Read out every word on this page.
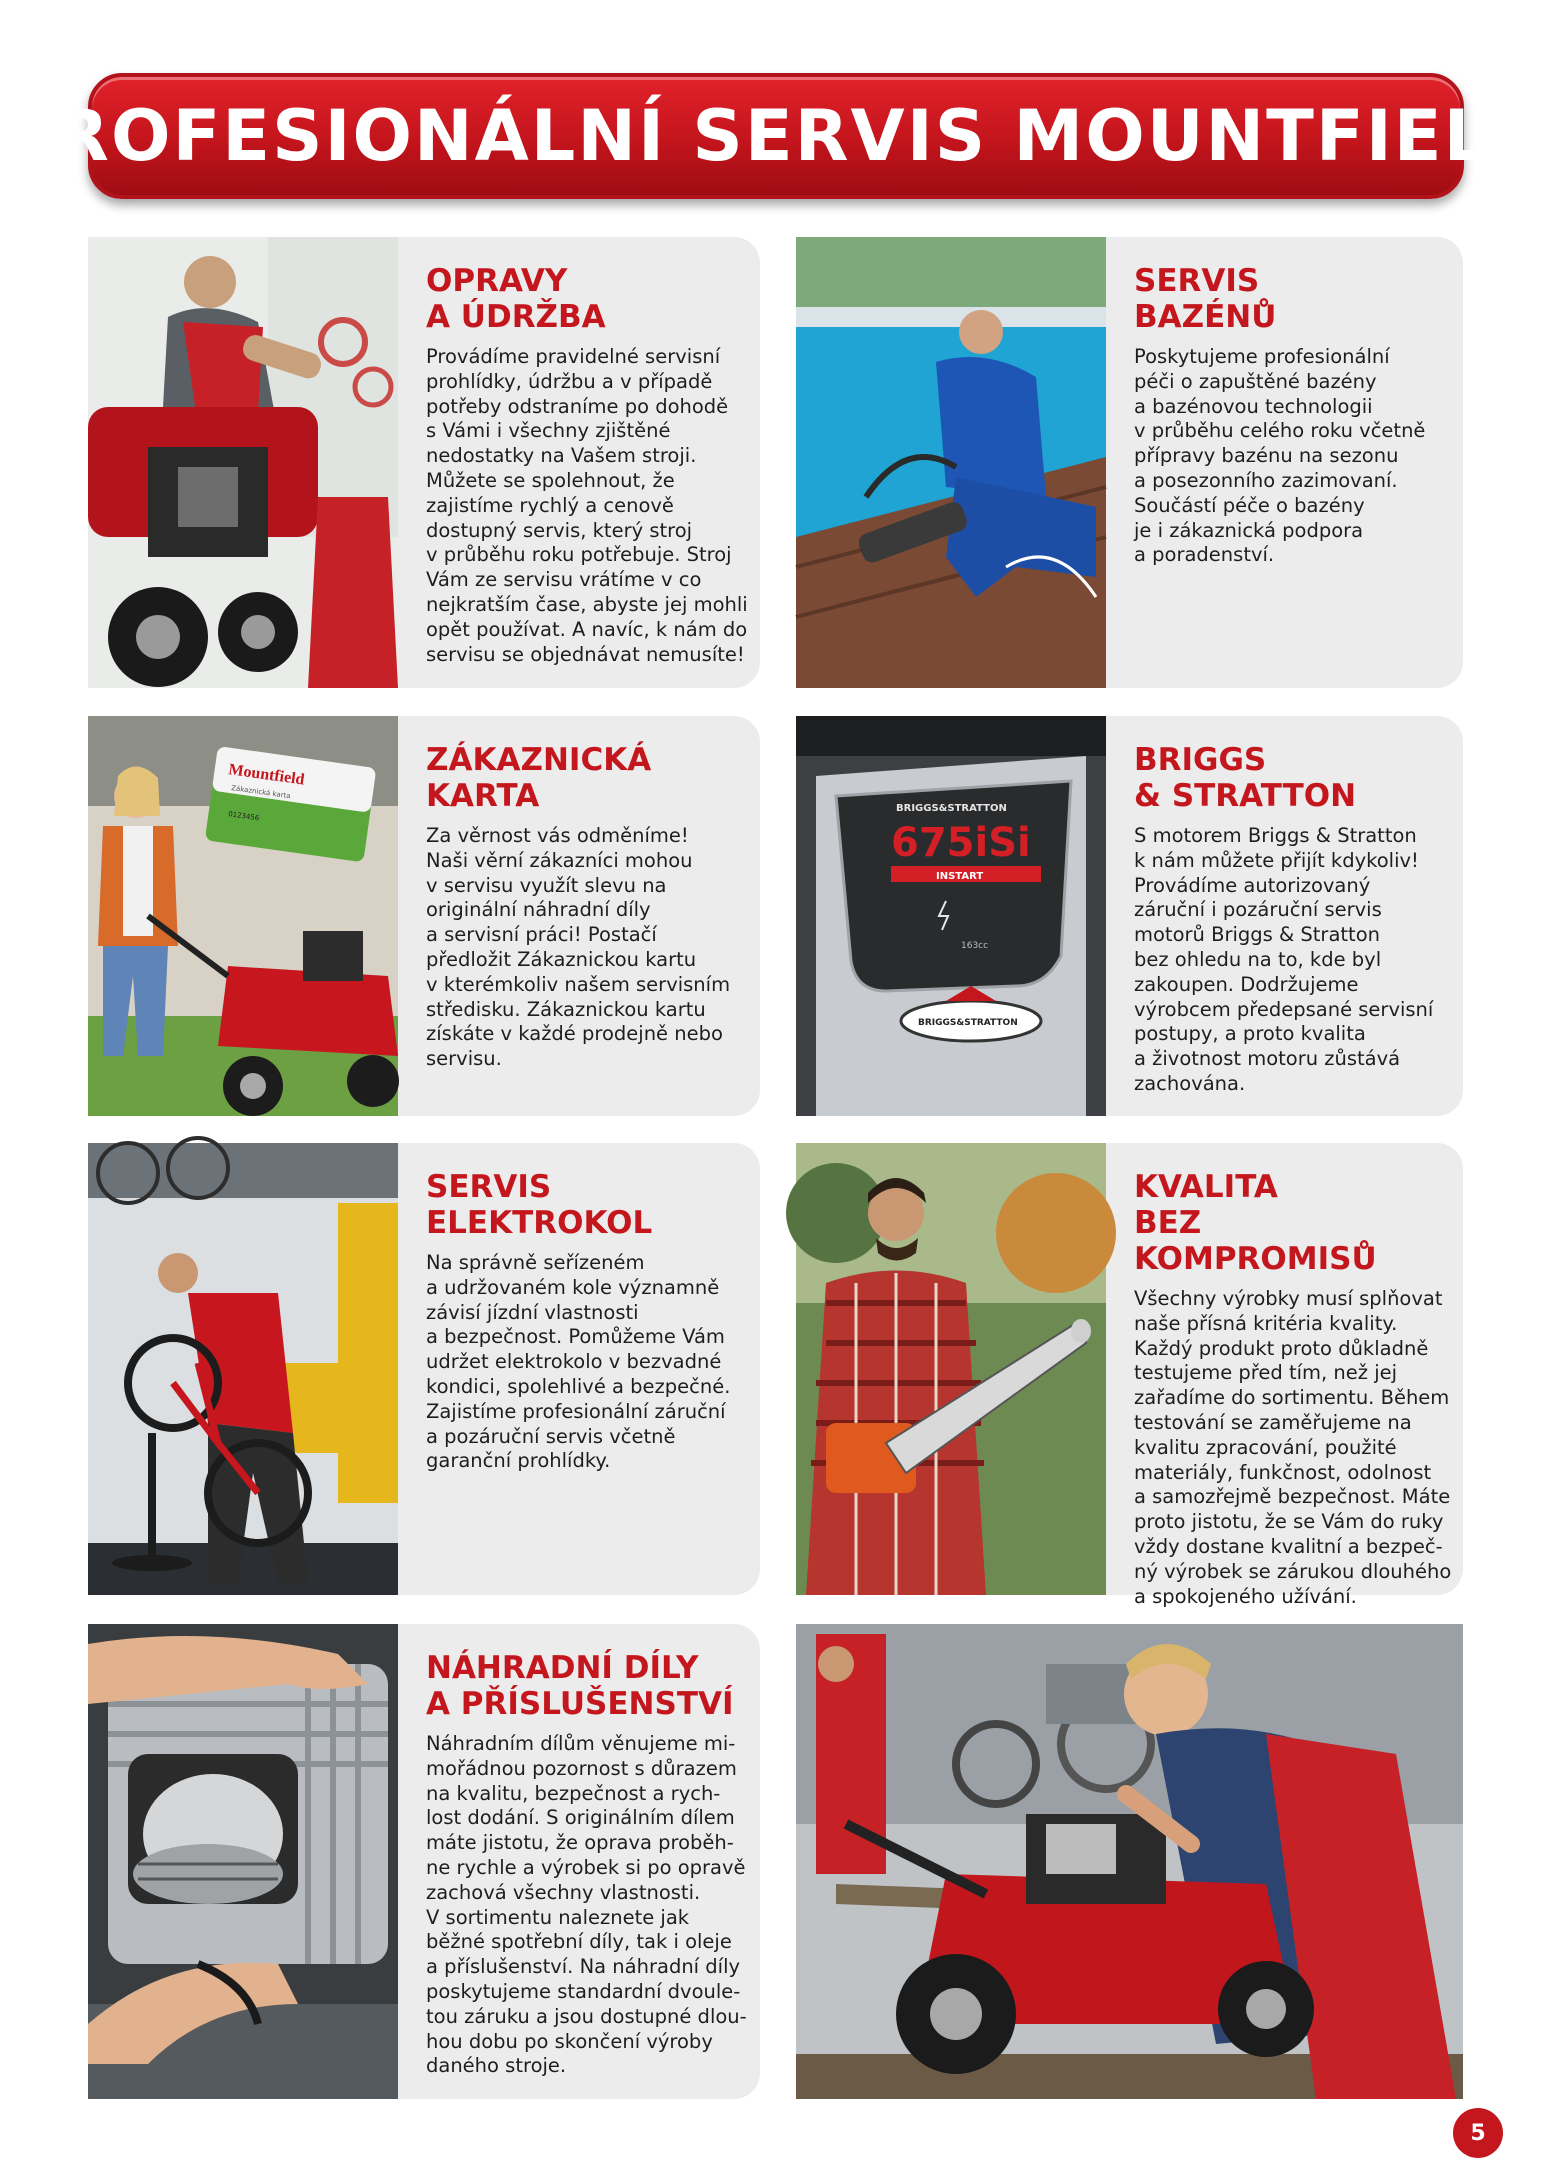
PROFESIONÁLNÍ SERVIS MOUNTFIELD
OPRAVY
A ÚDRŽBA

Provádíme pravidelné servisní
prohlídky, údržbu a v případě
potřeby odstraníme po dohodě
s Vámi i všechny zjištěné
nedostatky na Vašem stroji.
Můžete se spolehnout, že
zajistíme rychlý a cenově
dostupný servis, který stroj
v průběhu roku potřebuje. Stroj
Vám ze servisu vrátíme v co
nejkratším čase, abyste jej mohli
opět používat. A navíc, k nám do
servisu se objednávat nemusíte!

SERVIS
BAZÉNŮ

Poskytujeme profesionální
péči o zapuštěné bazény
a bazénovou technologii
v průběhu celého roku včetně
přípravy bazénu na sezonu
a posezonního zazimovaní.
Součástí péče o bazény
je i zákaznická podpora
a poradenství.

Mountfield
Zákaznická karta
0123456
ZÁKAZNICKÁ
KARTA

Za věrnost vás odměníme!
Naši věrní zákazníci mohou
v servisu využít slevu na
originální náhradní díly
a servisní práci! Postačí
předložit Zákaznickou kartu
v kterémkoliv našem servisním
středisku. Zákaznickou kartu
získáte v každé prodejně nebo
servisu.

BRIGGS&STRATTON
675iSi
INSTART
163cc
BRIGGS&STRATTON
BRIGGS
& STRATTON

S motorem Briggs & Stratton
k nám můžete přijít kdykoliv!
Provádíme autorizovaný
záruční i pozáruční servis
motorů Briggs & Stratton
bez ohledu na to, kde byl
zakoupen. Dodržujeme
výrobcem předepsané servisní
postupy, a proto kvalita
a životnost motoru zůstává
zachována.

SERVIS
ELEKTROKOL

Na správně seřízeném
a udržovaném kole významně
závisí jízdní vlastnosti
a bezpečnost. Pomůžeme Vám
udržet elektrokolo v bezvadné
kondici, spolehlivé a bezpečné.
Zajistíme profesionální záruční
a pozáruční servis včetně
garanční prohlídky.

KVALITA
BEZ KOMPROMISŮ

Všechny výrobky musí splňovat
naše přísná kritéria kvality.
Každý produkt proto důkladně
testujeme před tím, než jej
zařadíme do sortimentu. Během
testování se zaměřujeme na
kvalitu zpracování, použité
materiály, funkčnost, odolnost
a samozřejmě bezpečnost. Máte
proto jistotu, že se Vám do ruky
vždy dostane kvalitní a bezpeč-
ný výrobek se zárukou dlouhého
a spokojeného užívání.

NÁHRADNÍ DÍLY
A PŘÍSLUŠENSTVÍ

Náhradním dílům věnujeme mi-
mořádnou pozornost s důrazem
na kvalitu, bezpečnost a rych-
lost dodání. S originálním dílem
máte jistotu, že oprava proběh-
ne rychle a výrobek si po opravě
zachová všechny vlastnosti.
V sortimentu naleznete jak
běžné spotřební díly, tak i oleje
a příslušenství. Na náhradní díly
poskytujeme standardní dvoule-
tou záruku a jsou dostupné dlou-
hou dobu po skončení výroby
daného stroje.

5
